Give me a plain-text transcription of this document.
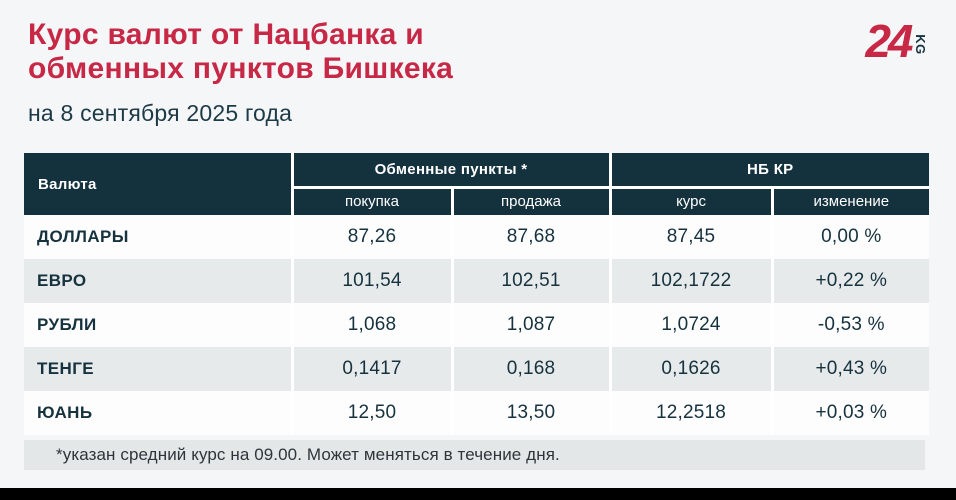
Курс валют от Нацбанка и
обменных пунктов Бишкека
на 8 сентября 2025 года
24 KG
Валюта	Обменные пункты *		НБ КР	
	покупка	продажа	курс	изменение
ДОЛЛАРЫ	87,26	87,68	87,45	0,00 %
ЕВРО	101,54	102,51	102,1722	+0,22 %
РУБЛИ	1,068	1,087	1,0724	-0,53 %
ТЕНГЕ	0,1417	0,168	0,1626	+0,43 %
ЮАНЬ	12,50	13,50	12,2518	+0,03 %
*указан средний курс на 09.00. Может меняться в течение дня.
